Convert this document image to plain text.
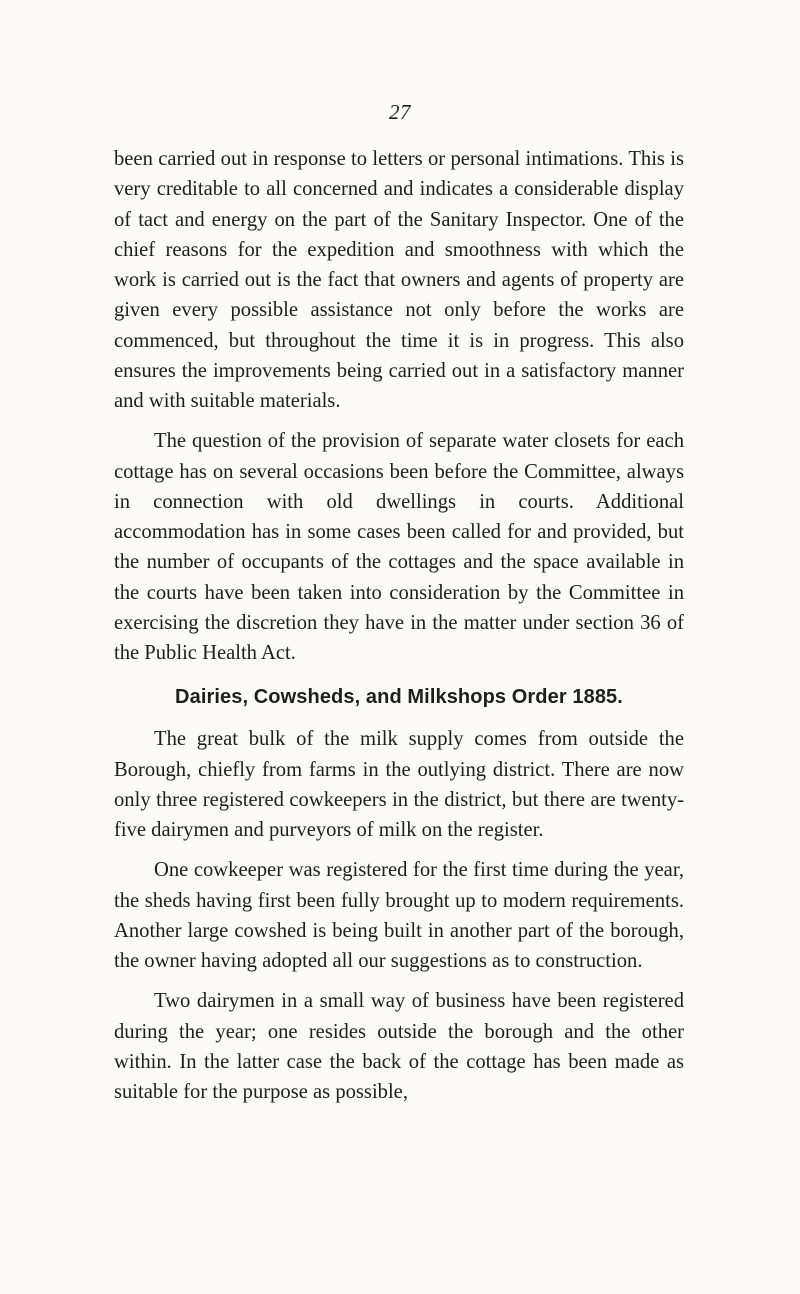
27

been carried out in response to letters or personal intimations. This is very creditable to all concerned and indicates a considerable display of tact and energy on the part of the Sanitary Inspector. One of the chief reasons for the expedition and smoothness with which the work is carried out is the fact that owners and agents of property are given every possible assistance not only before the works are commenced, but throughout the time it is in progress. This also ensures the improvements being carried out in a satisfactory manner and with suitable materials.

The question of the provision of separate water closets for each cottage has on several occasions been before the Committee, always in connection with old dwellings in courts. Additional accommodation has in some cases been called for and provided, but the number of occupants of the cottages and the space available in the courts have been taken into consideration by the Committee in exercising the discretion they have in the matter under section 36 of the Public Health Act.

Dairies, Cowsheds, and Milkshops Order 1885.

The great bulk of the milk supply comes from outside the Borough, chiefly from farms in the outlying district. There are now only three registered cowkeepers in the district, but there are twenty-five dairymen and purveyors of milk on the register.

One cowkeeper was registered for the first time during the year, the sheds having first been fully brought up to modern requirements. Another large cowshed is being built in another part of the borough, the owner having adopted all our suggestions as to construction.

Two dairymen in a small way of business have been registered during the year; one resides outside the borough and the other within. In the latter case the back of the cottage has been made as suitable for the purpose as possible,
